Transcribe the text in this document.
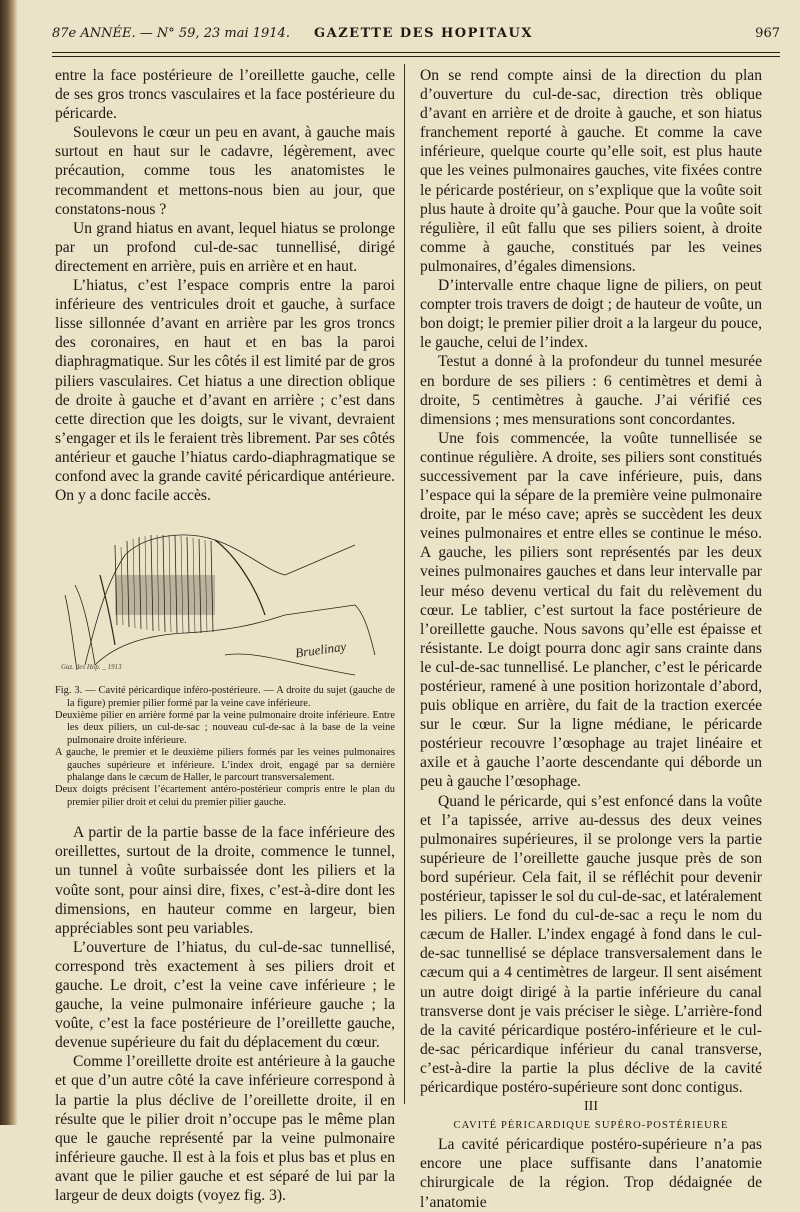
87e ANNÉE. — N° 59, 23 mai 1914. GAZETTE DES HOPITAUX	967

entre la face postérieure de l’oreillette gauche, celle de ses gros troncs vasculaires et la face postérieure du péricarde.

Soulevons le cœur un peu en avant, à gauche mais surtout en haut sur le cadavre, légèrement, avec précaution, comme tous les anatomistes le recommandent et mettons-nous bien au jour, que constatons-nous ?

Un grand hiatus en avant, lequel hiatus se prolonge par un profond cul-de-sac tunnellisé, dirigé directement en arrière, puis en arrière et en haut.

L’hiatus, c’est l’espace compris entre la paroi inférieure des ventricules droit et gauche, à surface lisse sillonnée d’avant en arrière par les gros troncs des coronaires, en haut et en bas la paroi diaphragmatique. Sur les côtés il est limité par de gros piliers vasculaires. Cet hiatus a une direction oblique de droite à gauche et d’avant en arrière ; c’est dans cette direction que les doigts, sur le vivant, devraient s’engager et ils le feraient très librement. Par ses côtés antérieur et gauche l’hiatus cardo-diaphragmatique se confond avec la grande cavité péricardique antérieure. On y a donc facile accès.

Gaz. des Hop. _ 1913
Bruelinay
Fig. 3. — Cavité péricardique inféro-postérieure. — A droite du sujet (gauche de la figure) premier pilier formé par la veine cave inférieure.
Deuxième pilier en arrière formé par la veine pulmonaire droite inférieure. Entre les deux piliers, un cul-de-sac ; nouveau cul-de-sac à la base de la veine pulmonaire droite inférieure.
A gauche, le premier et le deuxième piliers formés par les veines pulmonaires gauches supérieure et inférieure. L’index droit, engagé par sa dernière phalange dans le cæcum de Haller, le parcourt transversalement.
Deux doigts précisent l’écartement antéro-postérieur compris entre le plan du premier pilier droit et celui du premier pilier gauche.

A partir de la partie basse de la face inférieure des oreillettes, surtout de la droite, commence le tunnel, un tunnel à voûte surbaissée dont les piliers et la voûte sont, pour ainsi dire, fixes, c’est-à-dire dont les dimensions, en hauteur comme en largeur, bien appréciables sont peu variables.

L’ouverture de l’hiatus, du cul-de-sac tunnellisé, correspond très exactement à ses piliers droit et gauche. Le droit, c’est la veine cave inférieure ; le gauche, la veine pulmonaire inférieure gauche ; la voûte, c’est la face postérieure de l’oreillette gauche, devenue supérieure du fait du déplacement du cœur.

Comme l’oreillette droite est antérieure à la gauche et que d’un autre côté la cave inférieure correspond à la partie la plus déclive de l’oreillette droite, il en résulte que le pilier droit n’occupe pas le même plan que le gauche représenté par la veine pulmonaire inférieure gauche. Il est à la fois et plus bas et plus en avant que le pilier gauche et est séparé de lui par la largeur de deux doigts (voyez fig. 3).

On se rend compte ainsi de la direction du plan d’ouverture du cul-de-sac, direction très oblique d’avant en arrière et de droite à gauche, et son hiatus franchement reporté à gauche. Et comme la cave inférieure, quelque courte qu’elle soit, est plus haute que les veines pulmonaires gauches, vite fixées contre le péricarde postérieur, on s’explique que la voûte soit plus haute à droite qu’à gauche. Pour que la voûte soit régulière, il eût fallu que ses piliers soient, à droite comme à gauche, constitués par les veines pulmonaires, d’égales dimensions.

D’intervalle entre chaque ligne de piliers, on peut compter trois travers de doigt ; de hauteur de voûte, un bon doigt; le premier pilier droit a la largeur du pouce, le gauche, celui de l’index.

Testut a donné à la profondeur du tunnel mesurée en bordure de ses piliers : 6 centimètres et demi à droite, 5 centimètres à gauche. J’ai vérifié ces dimensions ; mes mensurations sont concordantes.

Une fois commencée, la voûte tunnellisée se continue régulière. A droite, ses piliers sont constitués successivement par la cave inférieure, puis, dans l’espace qui la sépare de la première veine pulmonaire droite, par le méso cave; après se succèdent les deux veines pulmonaires et entre elles se continue le méso. A gauche, les piliers sont représentés par les deux veines pulmonaires gauches et dans leur intervalle par leur méso devenu vertical du fait du relèvement du cœur. Le tablier, c’est surtout la face postérieure de l’oreillette gauche. Nous savons qu’elle est épaisse et résistante. Le doigt pourra donc agir sans crainte dans le cul-de-sac tunnellisé. Le plancher, c’est le péricarde postérieur, ramené à une position horizontale d’abord, puis oblique en arrière, du fait de la traction exercée sur le cœur. Sur la ligne médiane, le péricarde postérieur recouvre l’œsophage au trajet linéaire et axile et à gauche l’aorte descendante qui déborde un peu à gauche l’œsophage.

Quand le péricarde, qui s’est enfoncé dans la voûte et l’a tapissée, arrive au-dessus des deux veines pulmonaires supérieures, il se prolonge vers la partie supérieure de l’oreillette gauche jusque près de son bord supérieur. Cela fait, il se réfléchit pour devenir postérieur, tapisser le sol du cul-de-sac, et latéralement les piliers. Le fond du cul-de-sac a reçu le nom du cæcum de Haller. L’index engagé à fond dans le cul-de-sac tunnellisé se déplace transversalement dans le cæcum qui a 4 centimètres de largeur. Il sent aisément un autre doigt dirigé à la partie inférieure du canal transverse dont je vais préciser le siège. L’arrière-fond de la cavité péricardique postéro-inférieure et le cul-de-sac péricardique inférieur du canal transverse, c’est-à-dire la partie la plus déclive de la cavité péricardique postéro-supérieure sont donc contigus.

III

CAVITÉ PÉRICARDIQUE SUPÉRO-POSTÉRIEURE

La cavité péricardique postéro-supérieure n’a pas encore une place suffisante dans l’anatomie chirurgicale de la région. Trop dédaignée de l’anatomie
